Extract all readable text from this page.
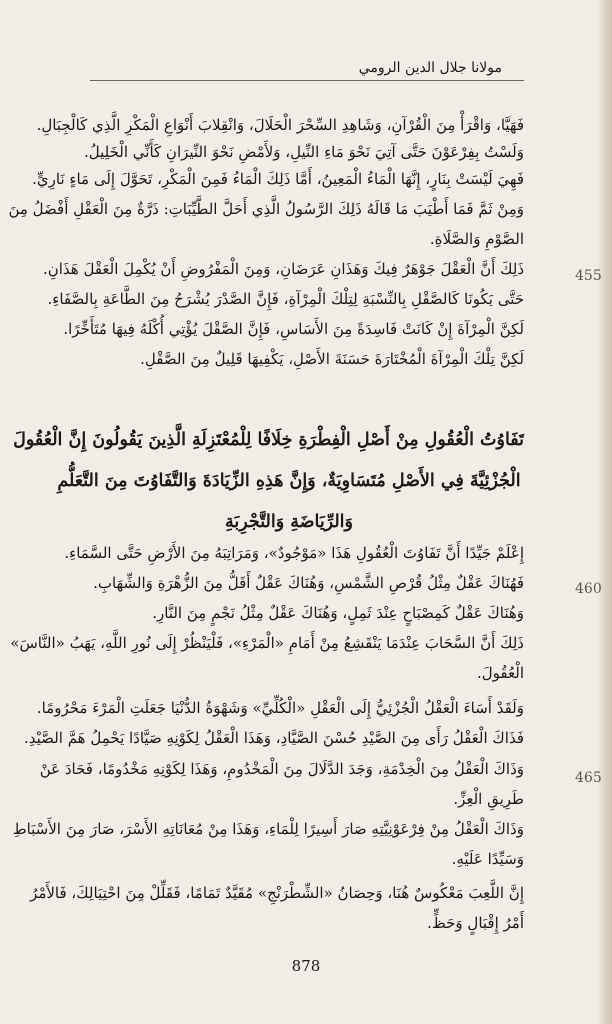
مولانا جلال الدين الرومي
فَهَيَّا، وَاقْرَأْ مِنَ الْقُرْآنِ، وَشَاهِدِ السِّحْرَ الْحَلَالَ، وَانْقِلابَ أَنْوَاعِ الْمَكْرِ الَّذِي كَالْجِبَالِ.
وَلَسْتُ بِفِرْعَوْنَ حَتَّى آتِيَ نَحْوَ مَاءِ النِّيلِ، وَلأَمْضِ نَحْوَ النِّيرَانِ كَأَنِّي الْخَلِيلُ.
فَهِيَ لَيْسَتْ بِنَارٍ، إِنَّهَا الْمَاءُ الْمَعِينُ، أَمَّا ذَلِكَ الْمَاءُ فَمِنَ الْمَكْرِ، تَحَوَّلَ إِلَى مَاءٍ نَارِيٍّ.
وَمِنْ ثَمَّ فَمَا أَطْيَبَ مَا قَالَهُ ذَلِكَ الرَّسُولُ الَّذِي أَحَلَّ الطَّيِّبَاتِ: ذَرَّةٌ مِنَ الْعَقْلِ أَفْضَلُ مِنَ
الصَّوْمِ وَالصَّلَاةِ.
ذَلِكَ أَنَّ الْعَقْلَ جَوْهَرٌ فِيكَ وَهَذَانِ عَرَضَانِ، وَمِنَ الْمَفْرُوضِ أَنْ يُكْمِلَ الْعَقْلَ هَذَانِ.
حَتَّى يَكُونَا كَالصَّقْلِ بِالنِّسْبَةِ لِتِلْكَ الْمِرْآةِ، فَإِنَّ الصَّدْرَ يُشْرَحُ مِنَ الطَّاعَةِ بِالصَّفَاءِ.
لَكِنَّ الْمِرْآةَ إِنْ كَانَتْ فَاسِدَةً مِنَ الأَسَاسِ، فَإِنَّ الصَّقْلَ يُؤْتِي أُكْلَهُ فِيهَا مُتَأَخِّرًا.
لَكِنَّ تِلْكَ الْمِرْآةَ الْمُخْتَارَةَ حَسَنَةَ الأَصْلِ، يَكْفِيهَا قَلِيلٌ مِنَ الصَّقْلِ.
تَفَاوُتُ الْعُقُولِ مِنْ أَصْلِ الْفِطْرَةِ خِلَافًا لِلْمُعْتَزِلَةِ الَّذِينَ يَقُولُونَ إِنَّ الْعُقُولَ
الْجُزْئِيَّةَ فِي الأَصْلِ مُتَسَاوِيَةٌ، وَإِنَّ هَذِهِ الزِّيَادَةَ وَالتَّفَاوُتَ مِنَ التَّعَلُّمِ
وَالرِّيَاضَةِ وَالتَّجْرِبَةِ
إِعْلَمْ جَيِّدًا أَنَّ تَفَاوُتَ الْعُقُولِ هَذَا «مَوْجُودٌ»، وَمَرَاتِبَهُ مِنَ الأَرْضِ حَتَّى السَّمَاءِ.
فَهُنَاكَ عَقْلٌ مِثْلُ قُرْصِ الشَّمْسِ، وَهُنَاكَ عَقْلٌ أَقَلُّ مِنَ الزُّهْرَةِ وَالشِّهَابِ.
وَهُنَاكَ عَقْلٌ كَمِصْبَاحٍ عِنْدَ ثَمِلٍ، وَهُنَاكَ عَقْلٌ مِثْلُ نَجْمٍ مِنَ النَّارِ.
ذَلِكَ أَنَّ السَّحَابَ عِنْدَمَا يَنْقَشِعُ مِنْ أَمَامِ «الْمَرْءِ»، فَلْيَنْظُرْ إِلَى نُورِ اللَّهِ، يَهَبُ «النَّاسَ»
الْعُقُولَ.
وَلَقَدْ أَسَاءَ الْعَقْلُ الْجُزْئِيُّ إِلَى الْعَقْلِ «الْكُلِّيِّ» وَشَهْوَةُ الدُّنْيَا جَعَلَتِ الْمَرْءَ مَحْرُومًا.
فَذَاكَ الْعَقْلُ رَأَى مِنَ الصَّيْدِ حُسْنَ الصَّيَّادِ، وَهَذَا الْعَقْلُ لِكَوْنِهِ صَيَّادًا يَحْمِلُ هَمَّ الصَّيْدِ.
وَذَاكَ الْعَقْلُ مِنَ الْخِدْمَةِ، وَجَدَ الدَّلَالَ مِنَ الْمَخْدُومِ، وَهَذَا لِكَوْنِهِ مَخْدُومًا، فَحَادَ عَنْ
طَرِيقِ الْعِزِّ.
وَذَاكَ الْعَقْلُ مِنْ فِرْعَوْنِيَّتِهِ صَارَ أَسِيرًا لِلْمَاءِ، وَهَذَا مِنْ مُعَانَاتِهِ الأَسْرَ، صَارَ مِنَ الأَسْبَاطِ
وَسَيِّدًا عَلَيْهِ.
إِنَّ اللَّعِبَ مَعْكُوسٌ هُنَا، وَحِصَانُ «الشِّطْرَنْجِ» مُقَيَّدٌ تَمَامًا، فَقَلِّلْ مِنَ احْتِيَالِكَ، فَالأَمْرُ
أَمْرُ إِقْبَالٍ وَحَظٍّ.
455
460
465
878
